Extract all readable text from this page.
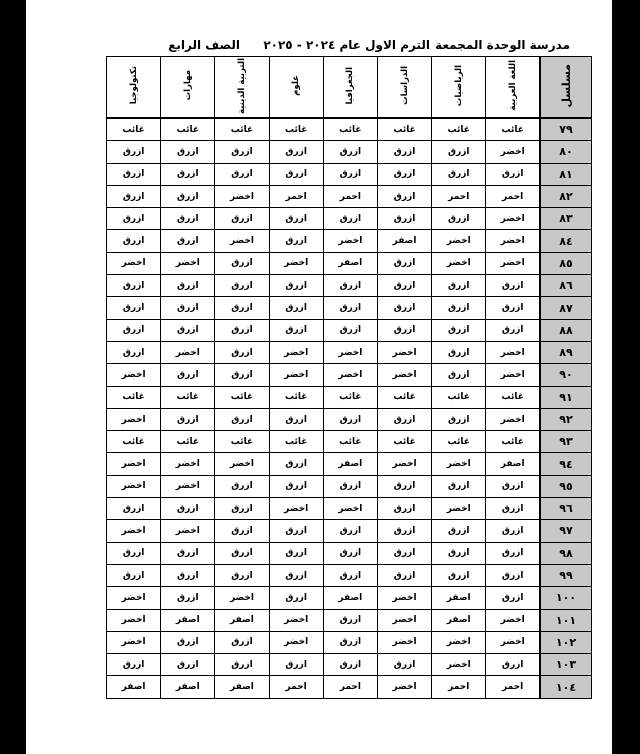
مدرسة الوحدة المجمعة
الترم الاول عام ٢٠٢٤ - ٢٠٢٥
الصف الرابع
مسلسل	اللغة العربية	الرياضيات	الدراسات	الجغرافيا	علوم	التربية الدينية	مهارات	تكنولوجيا
٧٩	غائب	غائب	غائب	غائب	غائب	غائب	غائب	غائب
٨٠	اخضر	ازرق	ازرق	ازرق	ازرق	ازرق	ازرق	ازرق
٨١	ازرق	ازرق	ازرق	ازرق	ازرق	ازرق	ازرق	ازرق
٨٢	احمر	احمر	ازرق	احمر	احمر	اخضر	ازرق	ازرق
٨٣	اخضر	ازرق	ازرق	ازرق	ازرق	ازرق	ازرق	ازرق
٨٤	اخضر	اخضر	اصفر	اخضر	ازرق	اخضر	ازرق	ازرق
٨٥	اخضر	اخضر	ازرق	اصفر	اخضر	ازرق	اخضر	اخضر
٨٦	ازرق	ازرق	ازرق	ازرق	ازرق	ازرق	ازرق	ازرق
٨٧	ازرق	ازرق	ازرق	ازرق	ازرق	ازرق	ازرق	ازرق
٨٨	ازرق	ازرق	ازرق	ازرق	ازرق	ازرق	ازرق	ازرق
٨٩	اخضر	ازرق	اخضر	اخضر	اخضر	ازرق	اخضر	ازرق
٩٠	اخضر	ازرق	اخضر	اخضر	اخضر	ازرق	ازرق	اخضر
٩١	غائب	غائب	غائب	غائب	غائب	غائب	غائب	غائب
٩٢	اخضر	ازرق	ازرق	ازرق	ازرق	ازرق	ازرق	اخضر
٩٣	غائب	غائب	غائب	غائب	غائب	غائب	غائب	غائب
٩٤	اصفر	اخضر	اخضر	اصفر	ازرق	اخضر	اخضر	اخضر
٩٥	ازرق	ازرق	ازرق	ازرق	ازرق	ازرق	اخضر	اخضر
٩٦	ازرق	اخضر	ازرق	اخضر	اخضر	ازرق	ازرق	ازرق
٩٧	ازرق	ازرق	ازرق	ازرق	ازرق	ازرق	اخضر	اخضر
٩٨	ازرق	ازرق	ازرق	ازرق	ازرق	ازرق	ازرق	ازرق
٩٩	ازرق	ازرق	ازرق	ازرق	ازرق	ازرق	ازرق	ازرق
١٠٠	ازرق	اصفر	اخضر	اصفر	ازرق	اخضر	ازرق	اخضر
١٠١	اخضر	اصفر	اخضر	ازرق	اخضر	اصفر	اصفر	اخضر
١٠٢	اخضر	اخضر	اخضر	ازرق	اخضر	ازرق	ازرق	اخضر
١٠٣	ازرق	اخضر	ازرق	ازرق	ازرق	ازرق	ازرق	ازرق
١٠٤	احمر	احمر	اخضر	احمر	احمر	اصفر	اصفر	اصفر
